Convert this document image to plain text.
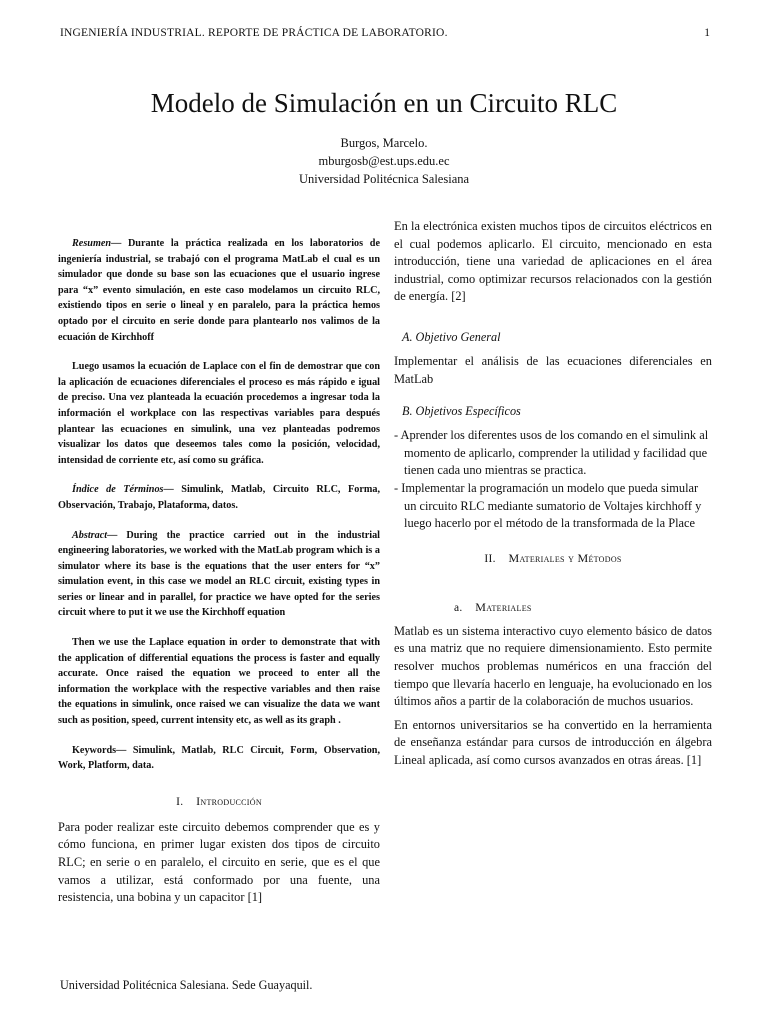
INGENIERÍA INDUSTRIAL. REPORTE DE PRÁCTICA DE LABORATORIO.	1
Modelo de Simulación en un Circuito RLC
Burgos, Marcelo.
mburgosb@est.ups.edu.ec
Universidad Politécnica Salesiana

Resumen— Durante la práctica realizada en los laboratorios de ingeniería industrial, se trabajó con el programa MatLab el cual es un simulador que donde su base son las ecuaciones que el usuario ingrese para “x” evento simulación, en este caso modelamos un circuito RLC, existiendo tipos en serie o lineal y en paralelo, para la práctica hemos optado por el circuito en serie donde para plantearlo nos valimos de la ecuación de Kirchhoff

Luego usamos la ecuación de Laplace con el fin de demostrar que con la aplicación de ecuaciones diferenciales el proceso es más rápido e igual de preciso. Una vez planteada la ecuación procedemos a ingresar toda la información el workplace con las respectivas variables para después plantear las ecuaciones en simulink, una vez planteadas podremos visualizar los datos que deseemos tales como la posición, velocidad, intensidad de corriente etc, así como su gráfica.

Índice de Términos— Simulink, Matlab, Circuito RLC, Forma, Observación, Trabajo, Plataforma, datos.

Abstract— During the practice carried out in the industrial engineering laboratories, we worked with the MatLab program which is a simulator where its base is the equations that the user enters for “x” simulation event, in this case we model an RLC circuit, existing types in series or linear and in parallel, for practice we have opted for the series circuit where to put it we use the Kirchhoff equation

Then we use the Laplace equation in order to demonstrate that with the application of differential equations the process is faster and equally accurate. Once raised the equation we proceed to enter all the information the workplace with the respective variables and then raise the equations in simulink, once raised we can visualize the data we want such as position, speed, current intensity etc, as well as its graph .

Keywords— Simulink, Matlab, RLC Circuit, Form, Observation, Work, Platform, data.

I. Introducción

Para poder realizar este circuito debemos comprender que es y cómo funciona, en primer lugar existen dos tipos de circuito RLC; en serie o en paralelo, el circuito en serie, que es el que vamos a utilizar, está conformado por una fuente, una resistencia, una bobina y un capacitor [1]

En la electrónica existen muchos tipos de circuitos eléctricos en el cual podemos aplicarlo. El circuito, mencionado en esta introducción, tiene una variedad de aplicaciones en el área industrial, como optimizar recursos relacionados con la gestión de energía. [2]

A. Objetivo General

Implementar el análisis de las ecuaciones diferenciales en MatLab

B. Objetivos Específicos

- Aprender los diferentes usos de los comando en el simulink al momento de aplicarlo, comprender la utilidad y facilidad que tienen cada uno mientras se practica.

- Implementar la programación un modelo que pueda simular un circuito RLC mediante sumatorio de Voltajes kirchhoff y luego hacerlo por el método de la transformada de la Place

II. Materiales y Métodos
a. Materiales

Matlab es un sistema interactivo cuyo elemento básico de datos es una matriz que no requiere dimensionamiento. Esto permite resolver muchos problemas numéricos en una fracción del tiempo que llevaría hacerlo en lenguaje, ha evolucionado en los últimos años a partir de la colaboración de muchos usuarios.

En entornos universitarios se ha convertido en la herramienta de enseñanza estándar para cursos de introducción en álgebra Lineal aplicada, así como cursos avanzados en otras áreas. [1]

Universidad Politécnica Salesiana. Sede Guayaquil.
